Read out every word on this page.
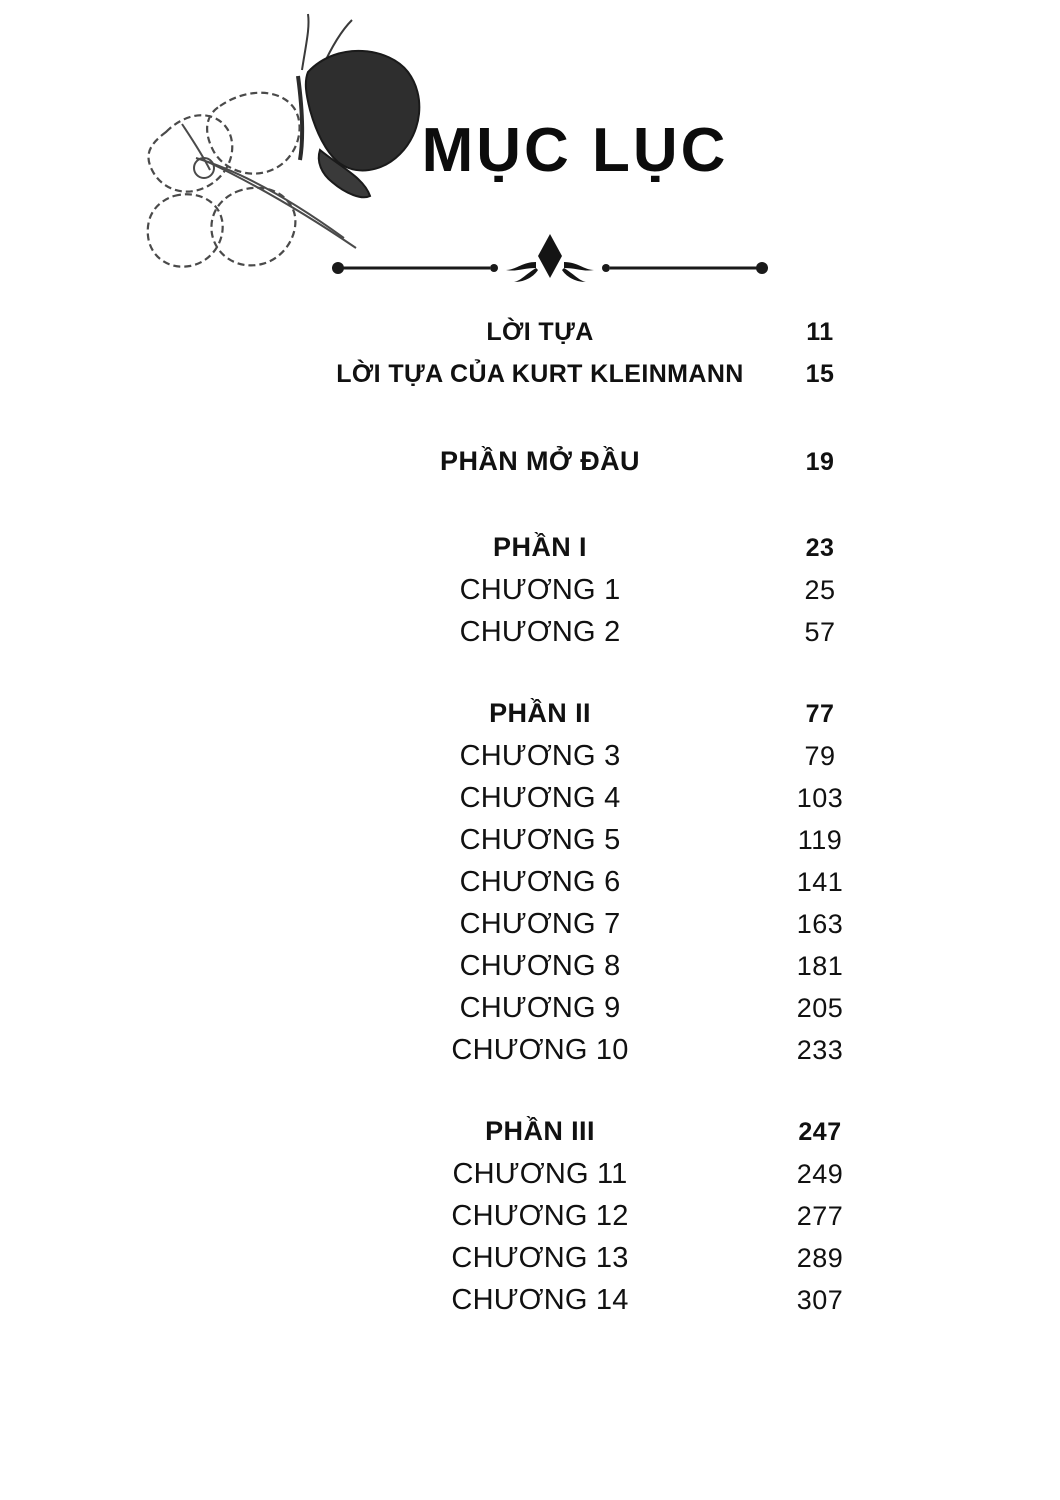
MỤC LỤC
LỜI TỰA	11
LỜI TỰA CỦA KURT KLEINMANN	15
PHẦN MỞ ĐẦU	19
PHẦN I	23
CHƯƠNG 1	25
CHƯƠNG 2	57
PHẦN II	77
CHƯƠNG 3	79
CHƯƠNG 4	103
CHƯƠNG 5	119
CHƯƠNG 6	141
CHƯƠNG 7	163
CHƯƠNG 8	181
CHƯƠNG 9	205
CHƯƠNG 10	233
PHẦN III	247
CHƯƠNG 11	249
CHƯƠNG 12	277
CHƯƠNG 13	289
CHƯƠNG 14	307
